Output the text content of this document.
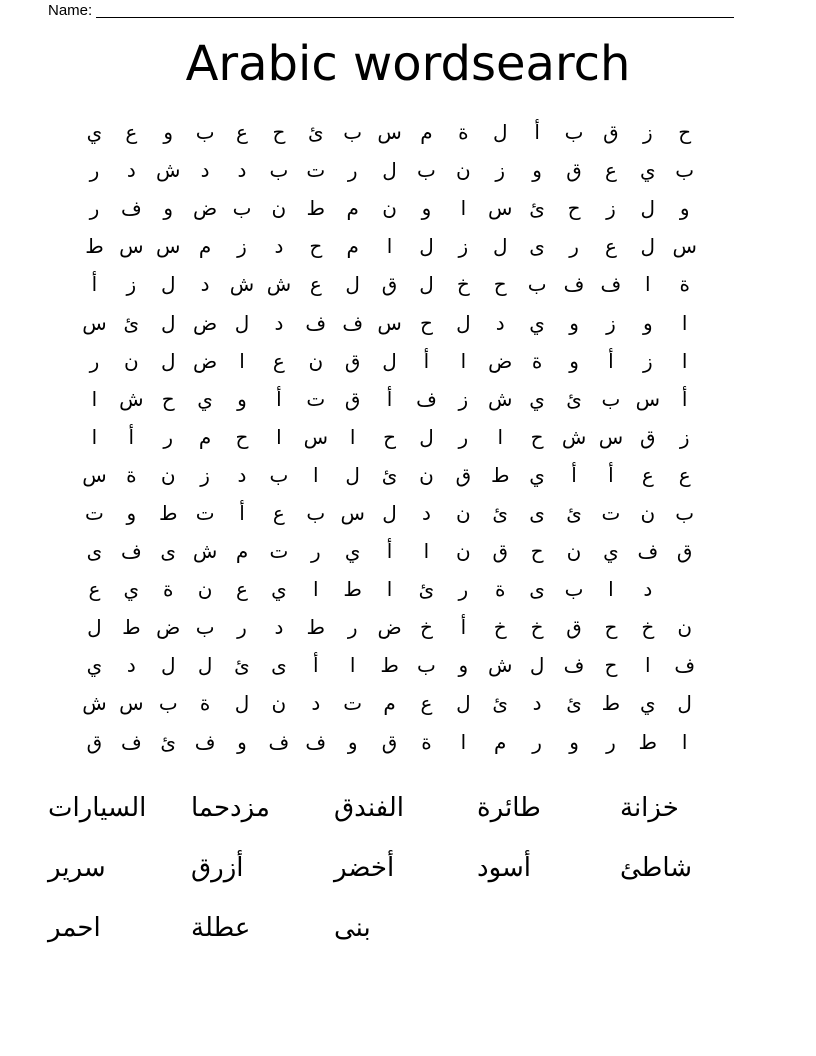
Name:
Arabic wordsearch
ي	ع	و	ب	ع	ح	ئ ب س م	ة	ل	أ	ب ق	ز	ح
ر	د	ش	د	د	ب ت	ر	ل	ب	ن	ز	و	ق	ع	ي ب
ر	ف	و ض ب	ن	ط	م	ن	و	ا	س ئ	ح	ز	ل	و
ط س س م	ز	د	ح	م	ا	ل	ز	ل	ى	ر	ع	ل س
أ	ز	ل	د	ش ش ع	ل	ق	ل	خ	ح	ب ف ف	ا	ة
س ئ	ل ض ل	د	ف ف س ح	ل	د	ي	و	ز	و	ا
ر	ن	ل ض	ا	ع	ن	ق	ل	أ	ا	ض ة	و	أ	ز	ا
ا	ش ح	ي	و	أ	ت ق	أ	ف	ز ش ي	ئ ب س	أ
ا	أ	ر	م	ح	ا	س	ا	ح	ل	ر	ا	ح ش س ق	ز
س ة	ن	ز	د	ب	ا	ل	ئ	ن	ق ط ي	أ	أ	ع	ع
ت	و	ط ت	أ	ع	ب س ل	د	ن	ئ	ى	ئ ت	ن	ب
ى ف ى ش م	ت	ر	ي	أ	ا	ن	ق	ح	ن	ي ف ق
ع	ي	ة	ن	ع	ي	ا	ط	ا	ئ	ر	ة	ى ب	ا	د
ل	ط ض ب	ر	د	ط	ر ض خ	أ	خ	خ	ق	ح	خ	ن
ي	د	ل	ل	ئ	ى	أ	ا	ط ب	و ش ل ف	ح	ا	ف
ش س ب	ة	ل	ن	د	ت	م	ع	ل	ئ	د	ئ ط ي	ل
ق ف ئ ف	و	ف ف	و	ق	ة	ا	م	ر	و	ر	ط	ا
السيارات	مزدحما	الفندق	طائرة	خزانة
سرير	أزرق	أخضر	أسود	شاطئ
احمر	عطلة	بنى
